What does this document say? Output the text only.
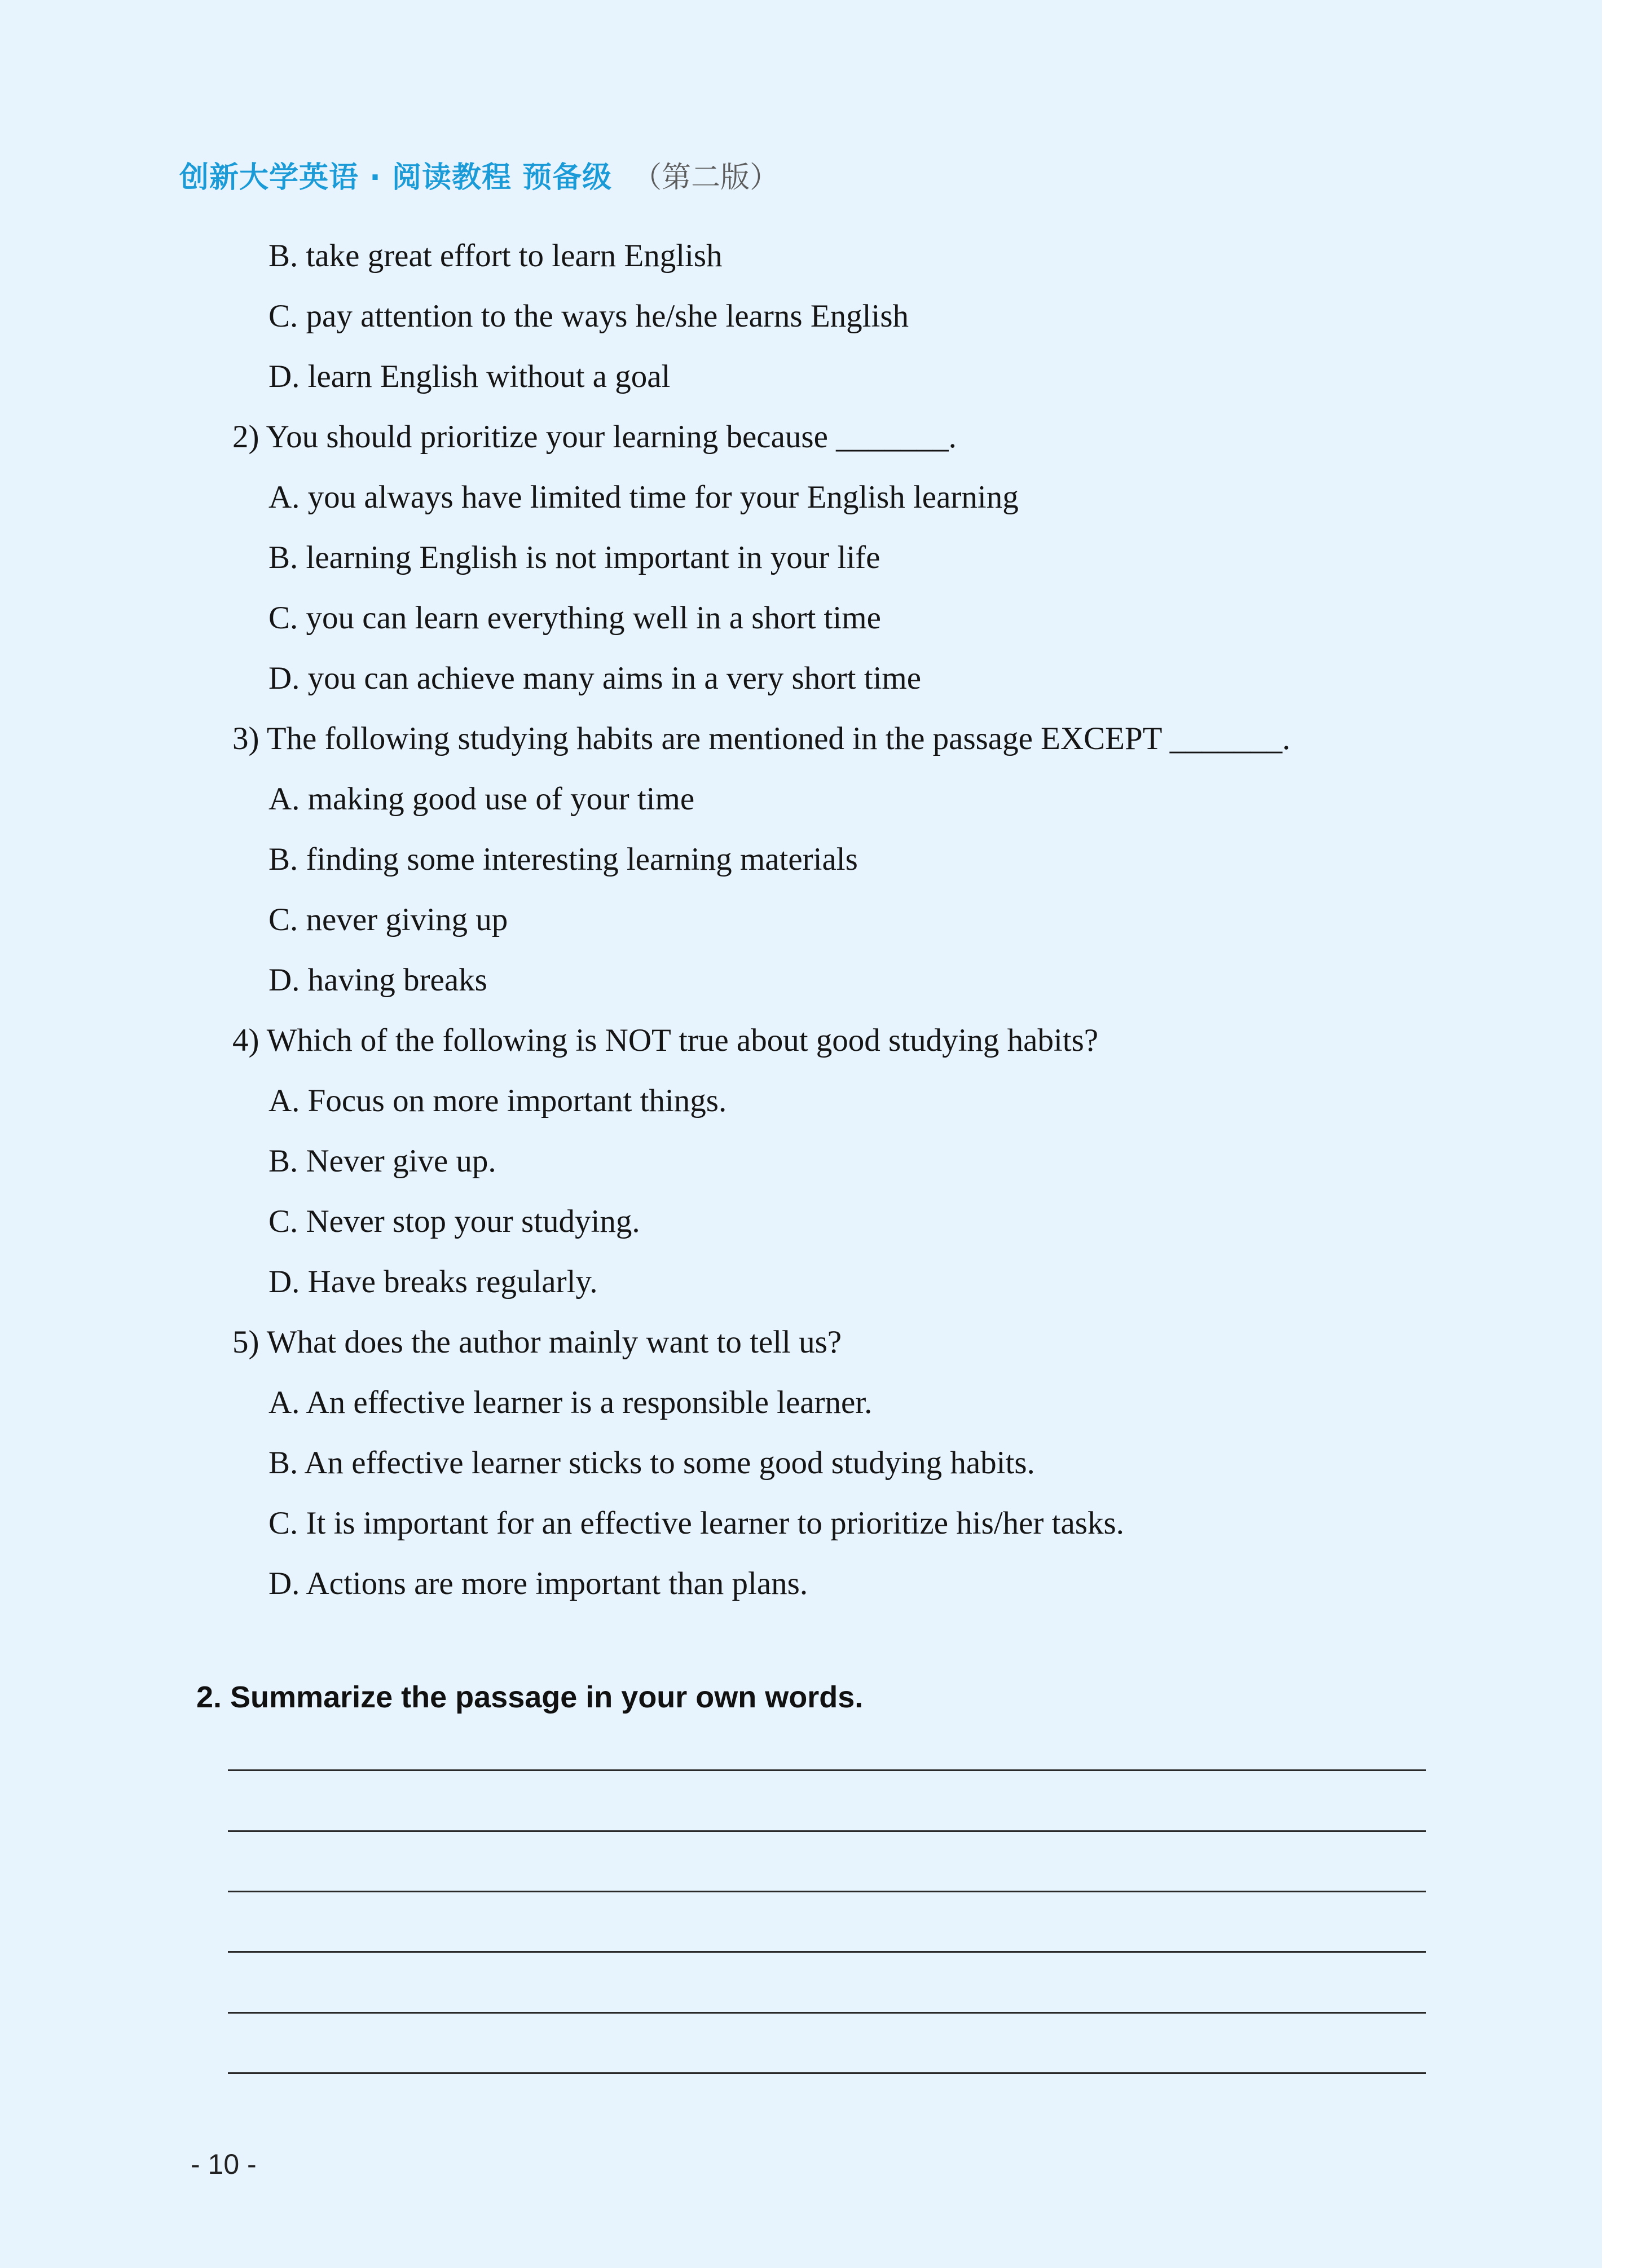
创新大学英语 · 阅读教程 预备级 （第二版）
B. take great effort to learn English
C. pay attention to the ways he/she learns English
D. learn English without a goal
2) You should prioritize your learning because _______.
A. you always have limited time for your English learning
B. learning English is not important in your life
C. you can learn everything well in a short time
D. you can achieve many aims in a very short time
3) The following studying habits are mentioned in the passage EXCEPT _______.
A. making good use of your time
B. finding some interesting learning materials
C. never giving up
D. having breaks
4) Which of the following is NOT true about good studying habits?
A. Focus on more important things.
B. Never give up.
C. Never stop your studying.
D. Have breaks regularly.
5) What does the author mainly want to tell us?
A. An effective learner is a responsible learner.
B. An effective learner sticks to some good studying habits.
C. It is important for an effective learner to prioritize his/her tasks.
D. Actions are more important than plans.
2. Summarize the passage in your own words.
- 10 -
